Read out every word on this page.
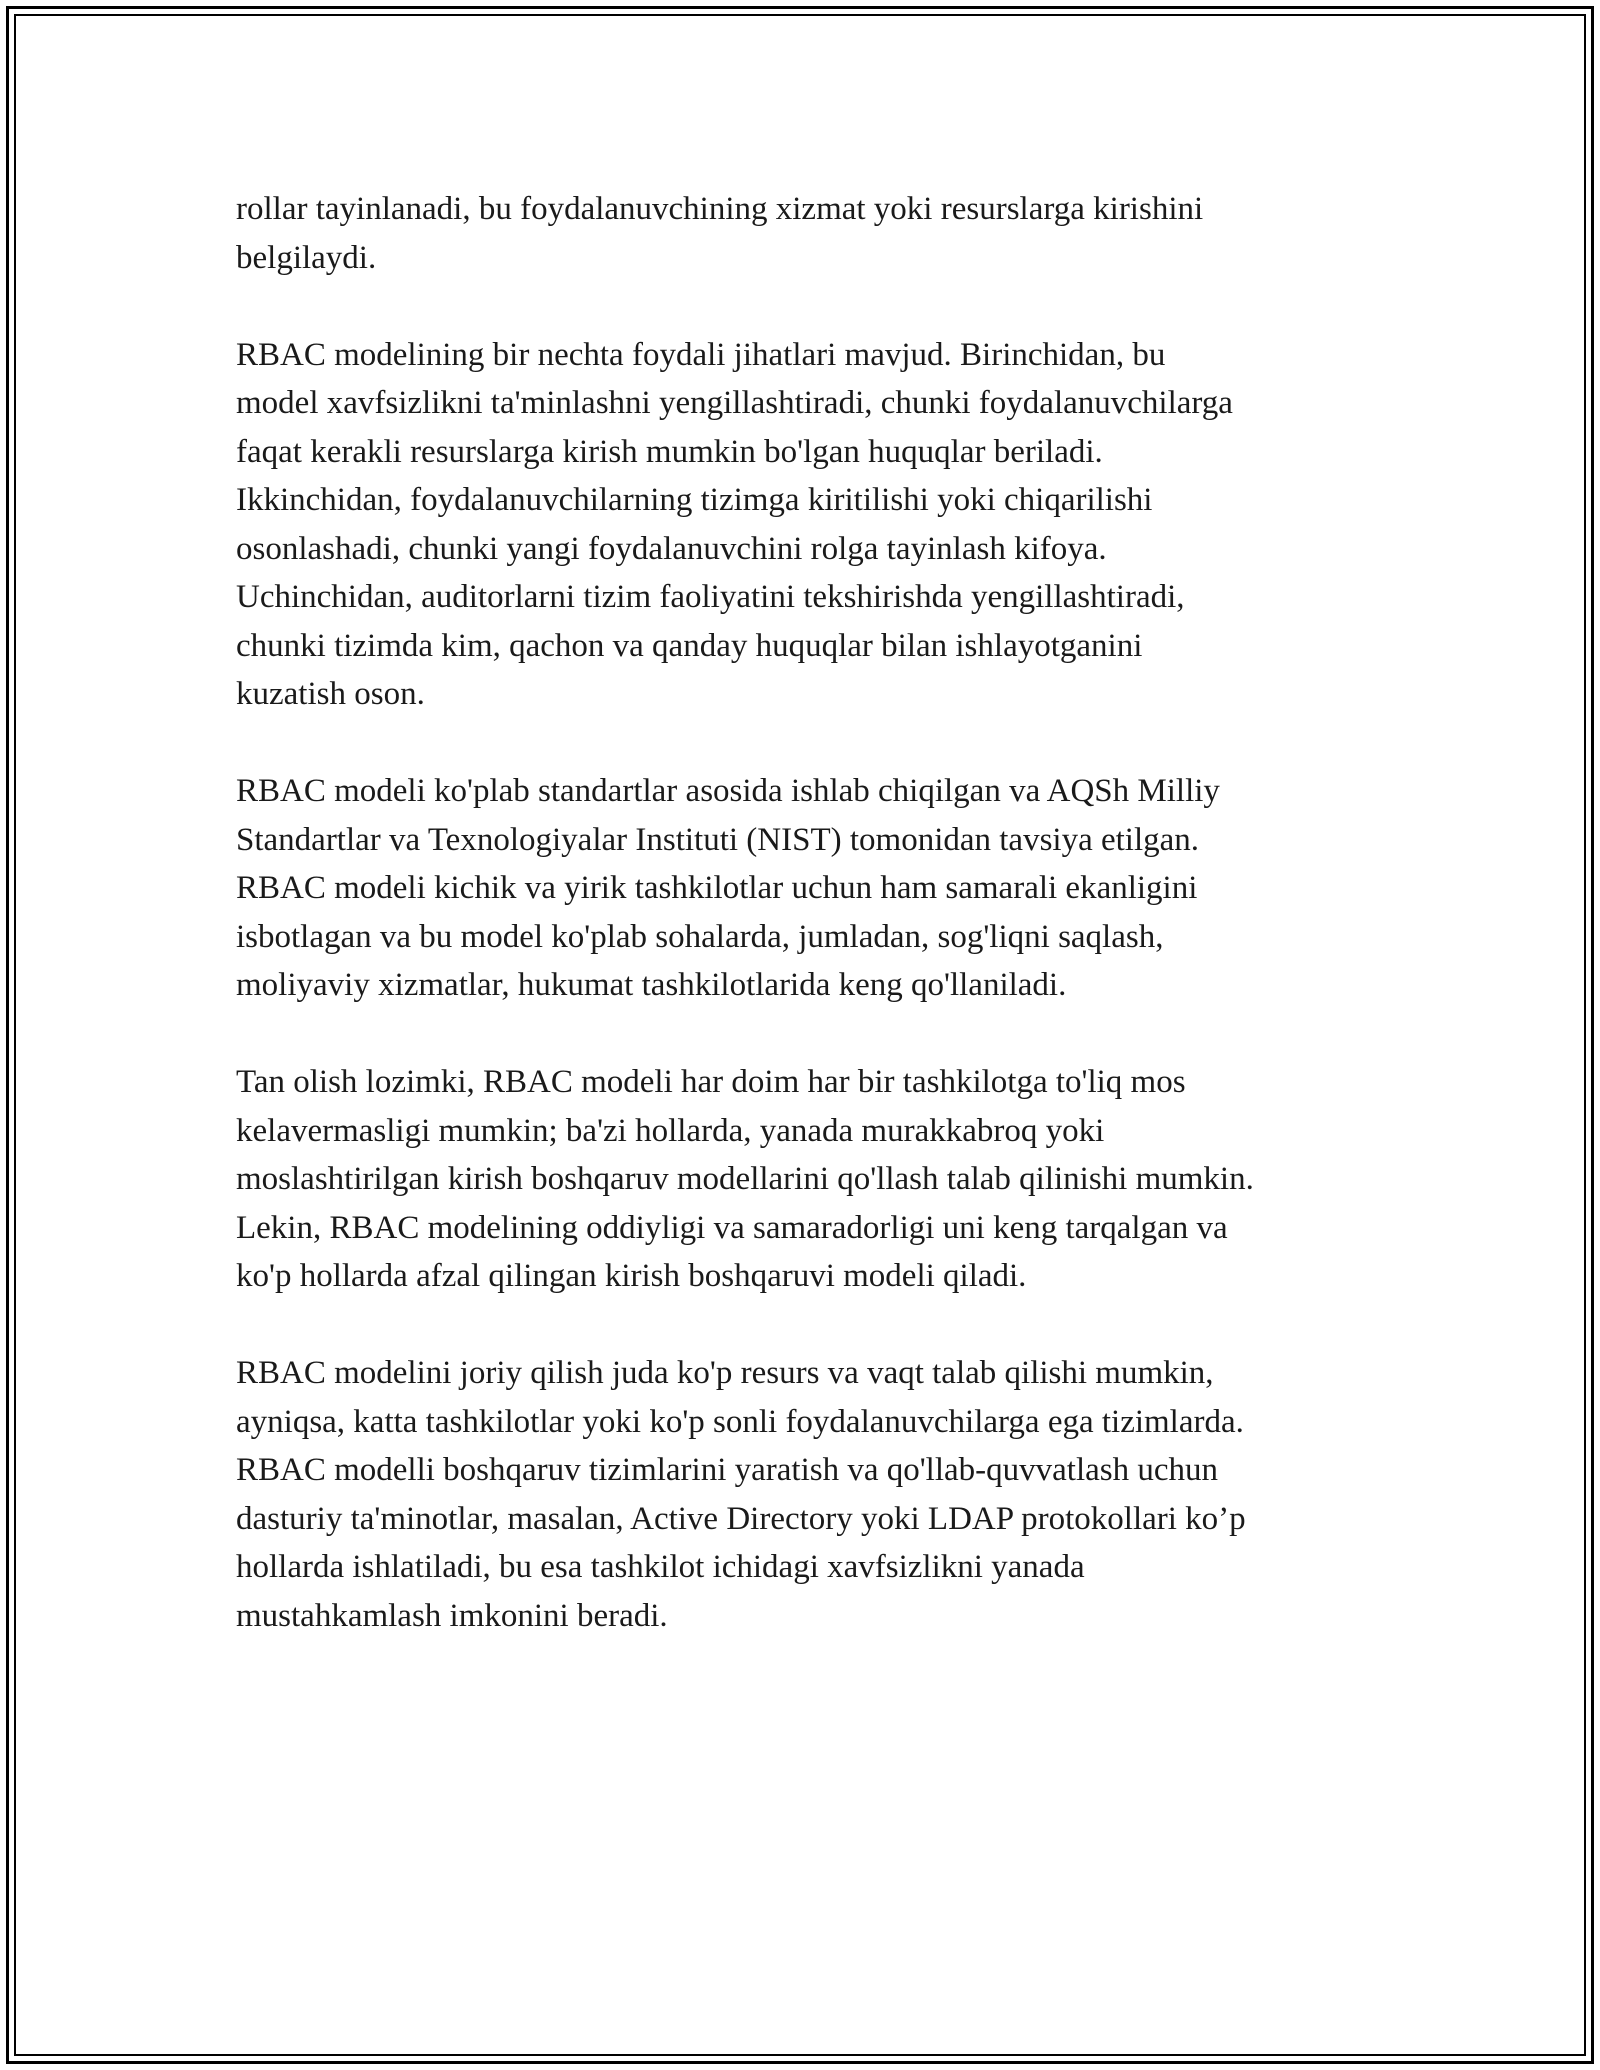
rollar tayinlanadi, bu foydalanuvchining xizmat yoki resurslarga kirishini
belgilaydi.

RBAC modelining bir nechta foydali jihatlari mavjud. Birinchidan, bu
model xavfsizlikni ta'minlashni yengillashtiradi, chunki foydalanuvchilarga
faqat kerakli resurslarga kirish mumkin bo'lgan huquqlar beriladi.
Ikkinchidan, foydalanuvchilarning tizimga kiritilishi yoki chiqarilishi
osonlashadi, chunki yangi foydalanuvchini rolga tayinlash kifoya.
Uchinchidan, auditorlarni tizim faoliyatini tekshirishda yengillashtiradi,
chunki tizimda kim, qachon va qanday huquqlar bilan ishlayotganini
kuzatish oson.

RBAC modeli ko'plab standartlar asosida ishlab chiqilgan va AQSh Milliy
Standartlar va Texnologiyalar Instituti (NIST) tomonidan tavsiya etilgan.
RBAC modeli kichik va yirik tashkilotlar uchun ham samarali ekanligini
isbotlagan va bu model ko'plab sohalarda, jumladan, sog'liqni saqlash,
moliyaviy xizmatlar, hukumat tashkilotlarida keng qo'llaniladi.

Tan olish lozimki, RBAC modeli har doim har bir tashkilotga to'liq mos
kelavermasligi mumkin; ba'zi hollarda, yanada murakkabroq yoki
moslashtirilgan kirish boshqaruv modellarini qo'llash talab qilinishi mumkin.
Lekin, RBAC modelining oddiyligi va samaradorligi uni keng tarqalgan va
ko'p hollarda afzal qilingan kirish boshqaruvi modeli qiladi.

RBAC modelini joriy qilish juda ko'p resurs va vaqt talab qilishi mumkin,
ayniqsa, katta tashkilotlar yoki ko'p sonli foydalanuvchilarga ega tizimlarda.
RBAC modelli boshqaruv tizimlarini yaratish va qo'llab-quvvatlash uchun
dasturiy ta'minotlar, masalan, Active Directory yoki LDAP protokollari ko’p
hollarda ishlatiladi, bu esa tashkilot ichidagi xavfsizlikni yanada
mustahkamlash imkonini beradi.
